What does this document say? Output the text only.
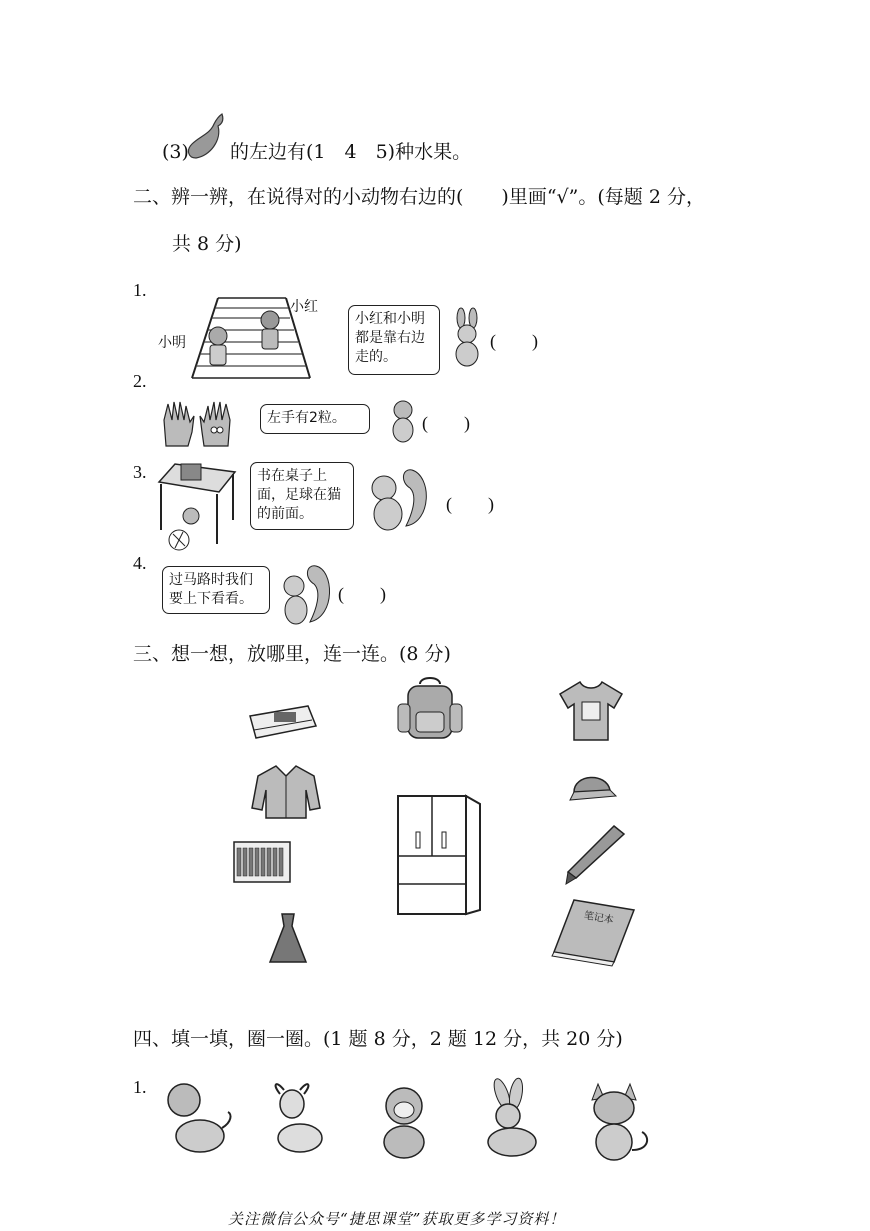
(3) 的左边有(1　4　5)种水果。
二、辨一辨，在说得对的小动物右边的(　　)里画“√”。(每题 2 分，
共 8 分)
1.
小红
小明
小红和小明都是靠右边走的。
(　　)
2.
左手有2粒。	(　　)
3.	书在桌子上面，足球在猫的前面。	(　　)
4.
过马路时我们要上下看看。	(　　)
三、想一想，放哪里，连一连。(8 分)
笔记本
四、填一填，圈一圈。(1 题 8 分，2 题 12 分，共 20 分)
1.
关注微信公众号“捷思课堂”获取更多学习资料！
